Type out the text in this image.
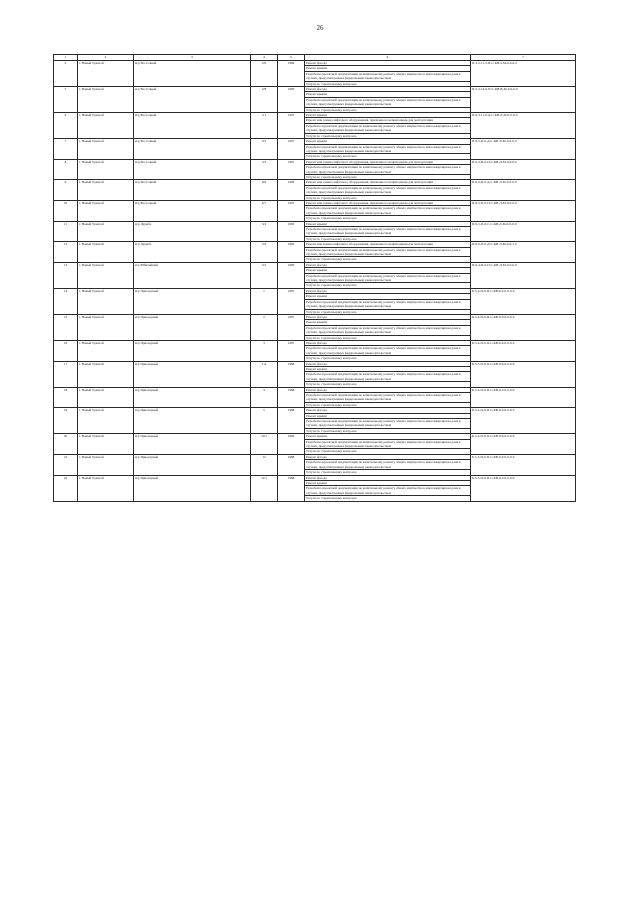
26
1	2	3	4	5	6	7
4	г. Новый Уренгой	м/р Восточный	2/6	1989	Ремонт фасада	П-3-2-11-5-П-С-КВ-2-М-0-0-0-0
					Ремонт крыши	
					Разработка проектной документации по капитальному ремонту общего имущества в многоквартирном доме в случаях, предусмотренных федеральным законодательством	
					Услуги по строительному контролю	
5	г. Новый Уренгой	м/р Восточный	2/8	1990	Ремонт фасада	П-5-2-16-0-П-С-КВ-В-М-0-0-0-0
					Ремонт крыши	
					Разработка проектной документации по капитальному ремонту общего имущества в многоквартирном доме в случаях, предусмотренных федеральным законодательством	
					Услуги по строительному контролю	
6	г. Новый Уренгой	м/р Восточный	3/1	1997	Ремонт крыши	П-9-3-11-0-Д-С-КВ-Л-М-0-0-0-0
					Ремонт или замена лифтового оборудования, признанного непригодным для эксплуатации	
					Разработка проектной документации по капитальному ремонту общего имущества в многоквартирном доме в случаях, предусмотренных федеральным законодательством	
					Услуги по строительному контролю	
7	г. Новый Уренгой	м/р Восточный	3/2	1997	Ремонт крыши	П-9-5-П-0-Д-С-КВ-Л-М-0-0-0-0
					Разработка проектной документации по капитальному ремонту общего имущества в многоквартирном доме в случаях, предусмотренных федеральным законодательством	
					Услуги по строительному контролю	
8	г. Новый Уренгой	м/р Восточный	3/3	1997	Ремонт или замена лифтового оборудования, признанного непригодным для эксплуатации	П-9-2-П-0-П-С-КВ-Л-М-0-0-0-0
					Разработка проектной документации по капитальному ремонту общего имущества в многоквартирном доме в случаях, предусмотренных федеральным законодательством	
					Услуги по строительному контролю	
9	г. Новый Уренгой	м/р Восточный	6/6	1996	Ремонт или замена лифтового оборудования, признанного непригодным для эксплуатации	П-9-2-П-0-Д-С-КВ-Л-М-0-0-0-0
					Разработка проектной документации по капитальному ремонту общего имущества в многоквартирном доме в случаях, предусмотренных федеральным законодательством	
					Услуги по строительному контролю	
10	г. Новый Уренгой	м/р Восточный	6/7	1997	Ремонт или замена лифтового оборудования, признанного непригодным для эксплуатации	П-9-2-П-0-П-С-КВ-Л-М-0-0-0-0
					Разработка проектной документации по капитальному ремонту общего имущества в многоквартирном доме в случаях, предусмотренных федеральным законодательством	
					Услуги по строительному контролю	
11	г. Новый Уренгой	м/р Дружба	3/4	1993	Ремонт крыши	П-9-5-П-0-С-С-КВ-Л-М-0-0-0-0
					Разработка проектной документации по капитальному ремонту общего имущества в многоквартирном доме в случаях, предусмотренных федеральным законодательством	
					Услуги по строительному контролю	
12	г. Новый Уренгой	м/р Дружба	3/6	1995	Ремонт или замена лифтового оборудования, признанного непригодным для эксплуатации	П-9-6-П-0-Д-С-КВ-Л-М-0-0-1-0
					Разработка проектной документации по капитальному ремонту общего имущества в многоквартирном доме в случаях, предусмотренных федеральным законодательством	
					Услуги по строительному контролю	
13	г. Новый Уренгой	м/р Юбилейный	3/2	1990	Ремонт фасада	П-9-4-П-0-П-С-КВ-Л-М-0-0-0-0
					Ремонт крыши	
					Разработка проектной документации по капитальному ремонту общего имущества в многоквартирном доме в случаях, предусмотренных федеральным законодательством	
					Услуги по строительному контролю	
14	г. Новый Уренгой	м/р Приозерный	1	1987	Ремонт фасада	Б-5-4-П-0-П-С-КВ-0-0-0-0-0-0
					Ремонт крыши	
					Разработка проектной документации по капитальному ремонту общего имущества в многоквартирном доме в случаях, предусмотренных федеральным законодательством	
					Услуги по строительному контролю	
15	г. Новый Уренгой	м/р Приозерный	2	1987	Ремонт фасада	Б-5-4-П-0-П-С-КВ-0-0-0-0-0-0
					Ремонт крыши	
					Разработка проектной документации по капитальному ремонту общего имущества в многоквартирном доме в случаях, предусмотренных федеральным законодательством	
					Услуги по строительному контролю	
16	г. Новый Уренгой	м/р Приозерный	3	1987	Ремонт фасада	Б-5-4-П-0-П-С-КВ-0-0-0-0-0-0
					Разработка проектной документации по капитальному ремонту общего имущества в многоквартирном доме в случаях, предусмотренных федеральным законодательством	
					Услуги по строительному контролю	
17	г. Новый Уренгой	м/р Приозерный	3 А	1988	Ремонт фасада	Б-5-5-П-0-П-С-КВ-0-0-0-0-0-0
					Ремонт крыши	
					Разработка проектной документации по капитальному ремонту общего имущества в многоквартирном доме в случаях, предусмотренных федеральным законодательством	
					Услуги по строительному контролю	
18	г. Новый Уренгой	м/р Приозерный	4	1988	Ремонт фасада	Б-5-4-П-0-П-С-КВ-0-0-0-0-0-0
					Разработка проектной документации по капитальному ремонту общего имущества в многоквартирном доме в случаях, предусмотренных федеральным законодательством	
					Услуги по строительному контролю	
19	г. Новый Уренгой	м/р Приозерный	5	1988	Ремонт фасада	Б-5-4-П-0-П-С-КВ-0-0-0-0-0-0
					Ремонт крыши	
					Разработка проектной документации по капитальному ремонту общего имущества в многоквартирном доме в случаях, предусмотренных федеральным законодательством	
					Услуги по строительному контролю	
20	г. Новый Уренгой	м/р Приозерный	10/1	1990	Ремонт крыши	Б-5-4-П-0-П-С-КВ-0-0-0-0-0-0
					Разработка проектной документации по капитальному ремонту общего имущества в многоквартирном доме в случаях, предусмотренных федеральным законодательством	
					Услуги по строительному контролю	
21	г. Новый Уренгой	м/р Приозерный	12	1988	Ремонт фасада	Б-5-5-П-0-П-С-КВ-0-0-0-0-0-0
					Разработка проектной документации по капитальному ремонту общего имущества в многоквартирном доме в случаях, предусмотренных федеральным законодательством	
					Услуги по строительному контролю	
22	г. Новый Уренгой	м/р Приозерный	12/1	1988	Ремонт фасада	Б-5-3-П-0-П-С-КВ-0-0-0-0-0-0
					Ремонт крыши	
					Разработка проектной документации по капитальному ремонту общего имущества в многоквартирном доме в случаях, предусмотренных федеральным законодательством	
					Услуги по строительному контролю	
